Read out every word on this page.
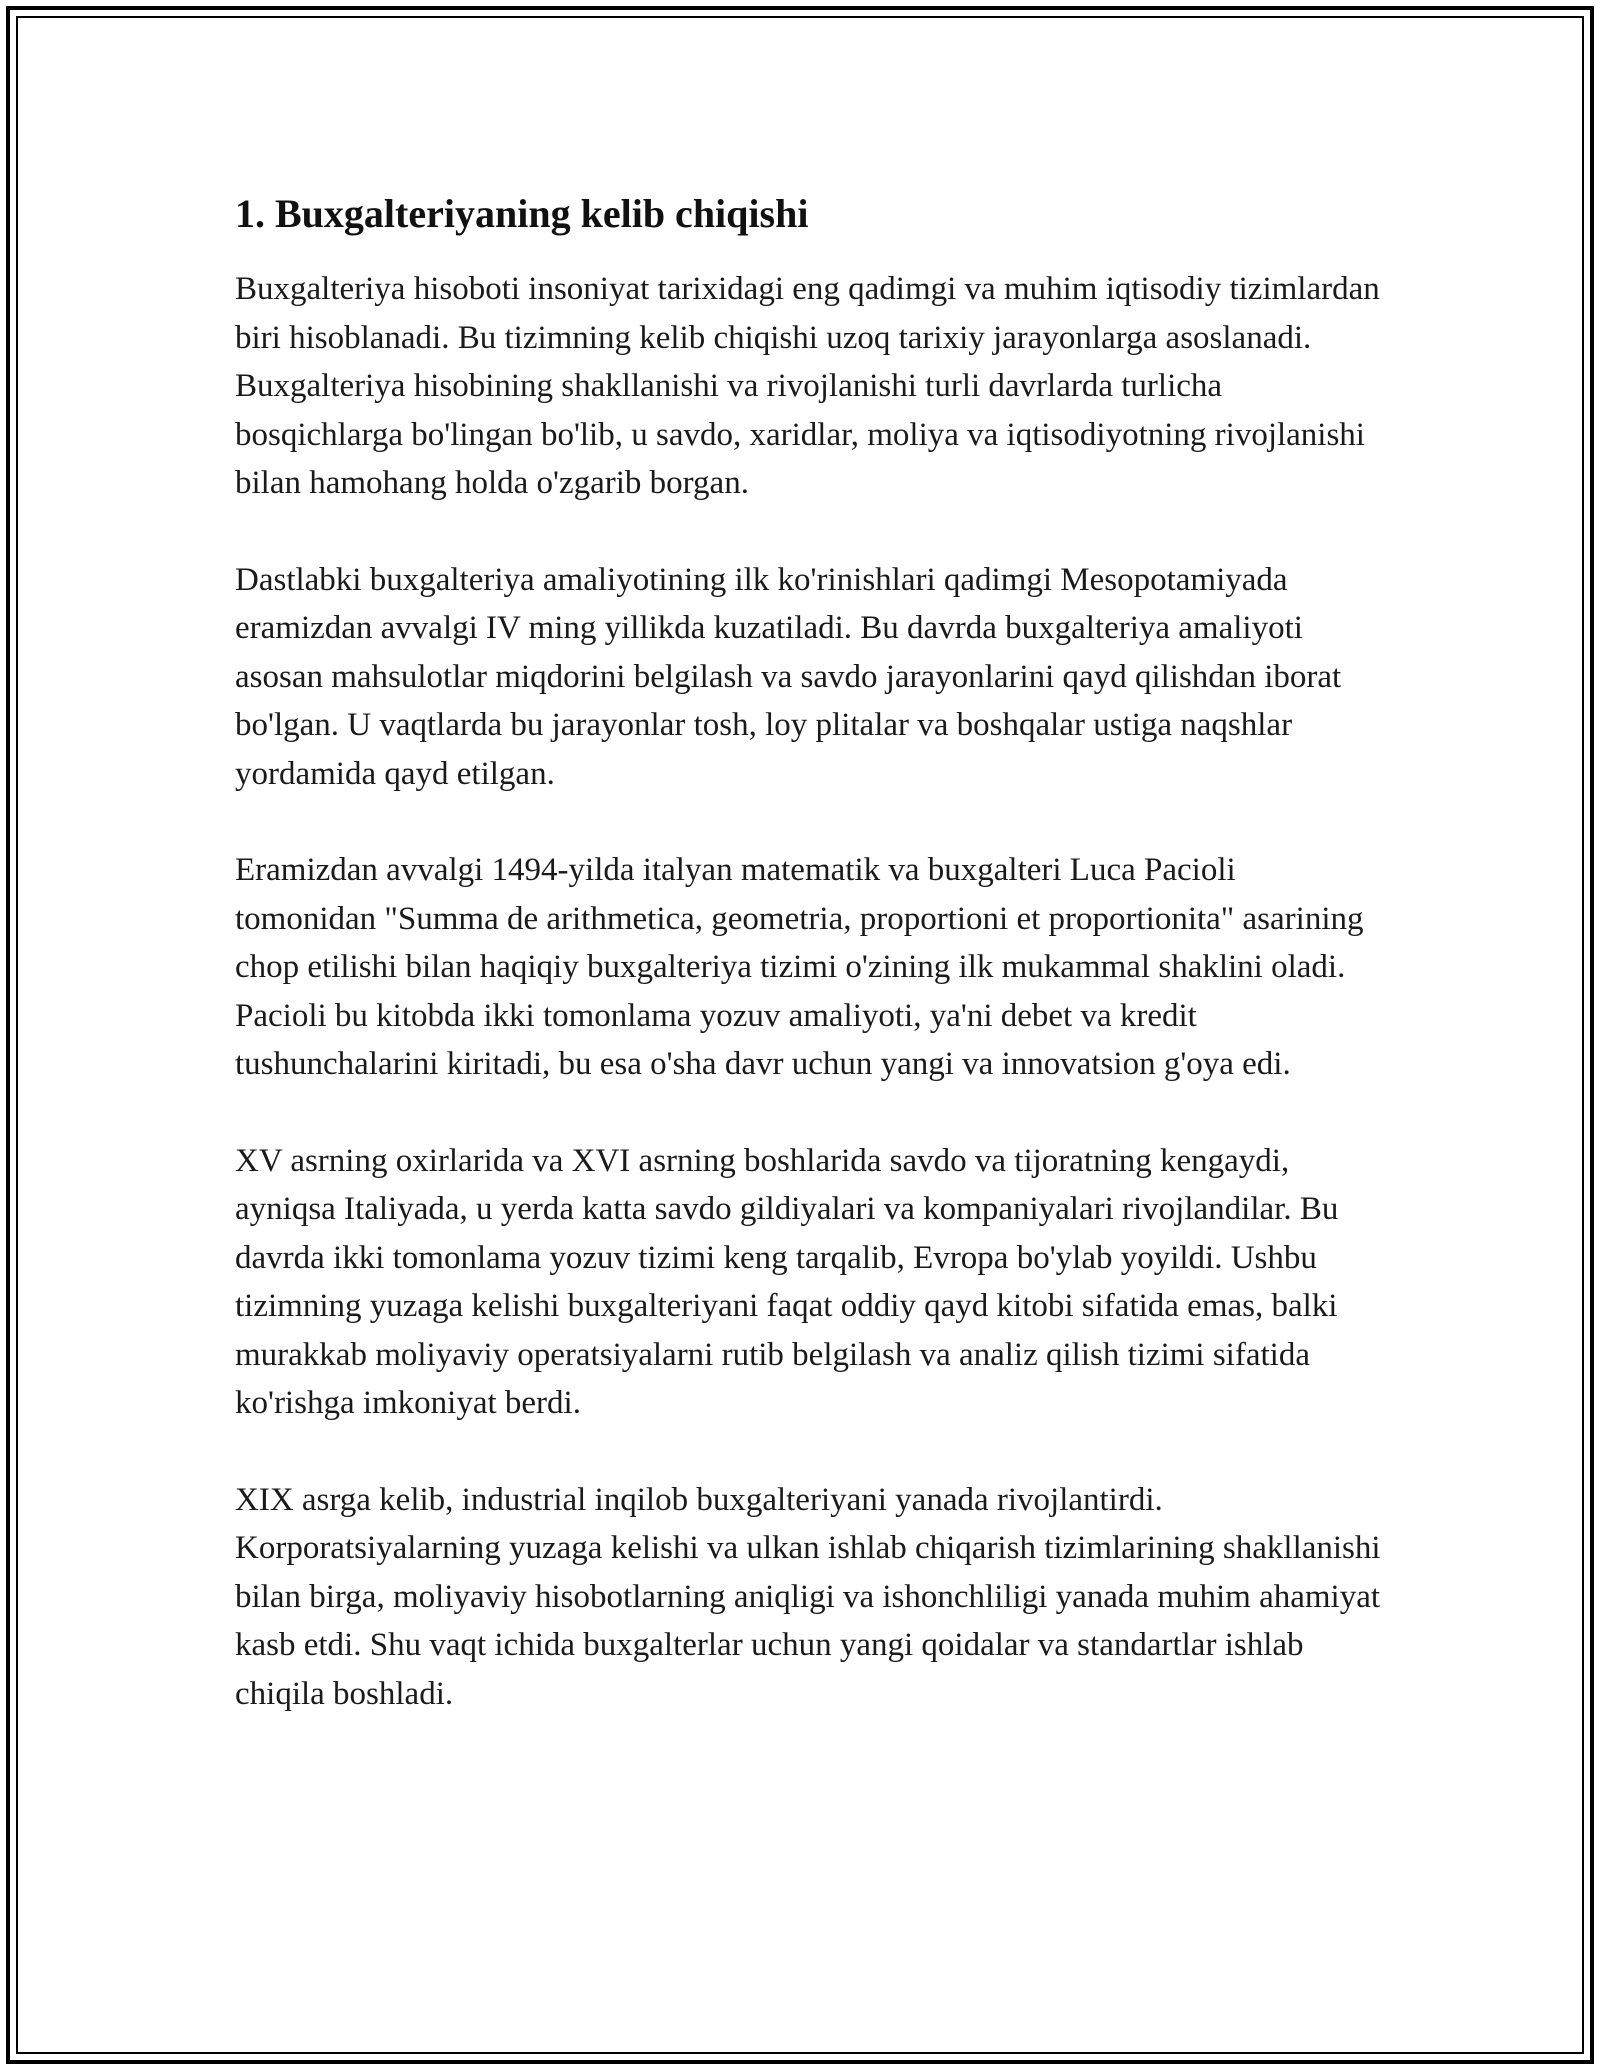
1. Buxgalteriyaning kelib chiqishi

Buxgalteriya hisoboti insoniyat tarixidagi eng qadimgi va muhim iqtisodiy tizimlardan biri hisoblanadi. Bu tizimning kelib chiqishi uzoq tarixiy jarayonlarga asoslanadi. Buxgalteriya hisobining shakllanishi va rivojlanishi turli davrlarda turlicha bosqichlarga bo'lingan bo'lib, u savdo, xaridlar, moliya va iqtisodiyotning rivojlanishi bilan hamohang holda o'zgarib borgan.

Dastlabki buxgalteriya amaliyotining ilk ko'rinishlari qadimgi Mesopotamiyada eramizdan avvalgi IV ming yillikda kuzatiladi. Bu davrda buxgalteriya amaliyoti asosan mahsulotlar miqdorini belgilash va savdo jarayonlarini qayd qilishdan iborat bo'lgan. U vaqtlarda bu jarayonlar tosh, loy plitalar va boshqalar ustiga naqshlar yordamida qayd etilgan.

Eramizdan avvalgi 1494-yilda italyan matematik va buxgalteri Luca Pacioli tomonidan "Summa de arithmetica, geometria, proportioni et proportionita" asarining chop etilishi bilan haqiqiy buxgalteriya tizimi o'zining ilk mukammal shaklini oladi. Pacioli bu kitobda ikki tomonlama yozuv amaliyoti, ya'ni debet va kredit tushunchalarini kiritadi, bu esa o'sha davr uchun yangi va innovatsion g'oya edi.

XV asrning oxirlarida va XVI asrning boshlarida savdo va tijoratning kengaydi, ayniqsa Italiyada, u yerda katta savdo gildiyalari va kompaniyalari rivojlandilar. Bu davrda ikki tomonlama yozuv tizimi keng tarqalib, Evropa bo'ylab yoyildi. Ushbu tizimning yuzaga kelishi buxgalteriyani faqat oddiy qayd kitobi sifatida emas, balki murakkab moliyaviy operatsiyalarni rutib belgilash va analiz qilish tizimi sifatida ko'rishga imkoniyat berdi.

XIX asrga kelib, industrial inqilob buxgalteriyani yanada rivojlantirdi. Korporatsiyalarning yuzaga kelishi va ulkan ishlab chiqarish tizimlarining shakllanishi bilan birga, moliyaviy hisobotlarning aniqligi va ishonchliligi yanada muhim ahamiyat kasb etdi. Shu vaqt ichida buxgalterlar uchun yangi qoidalar va standartlar ishlab chiqila boshladi.
